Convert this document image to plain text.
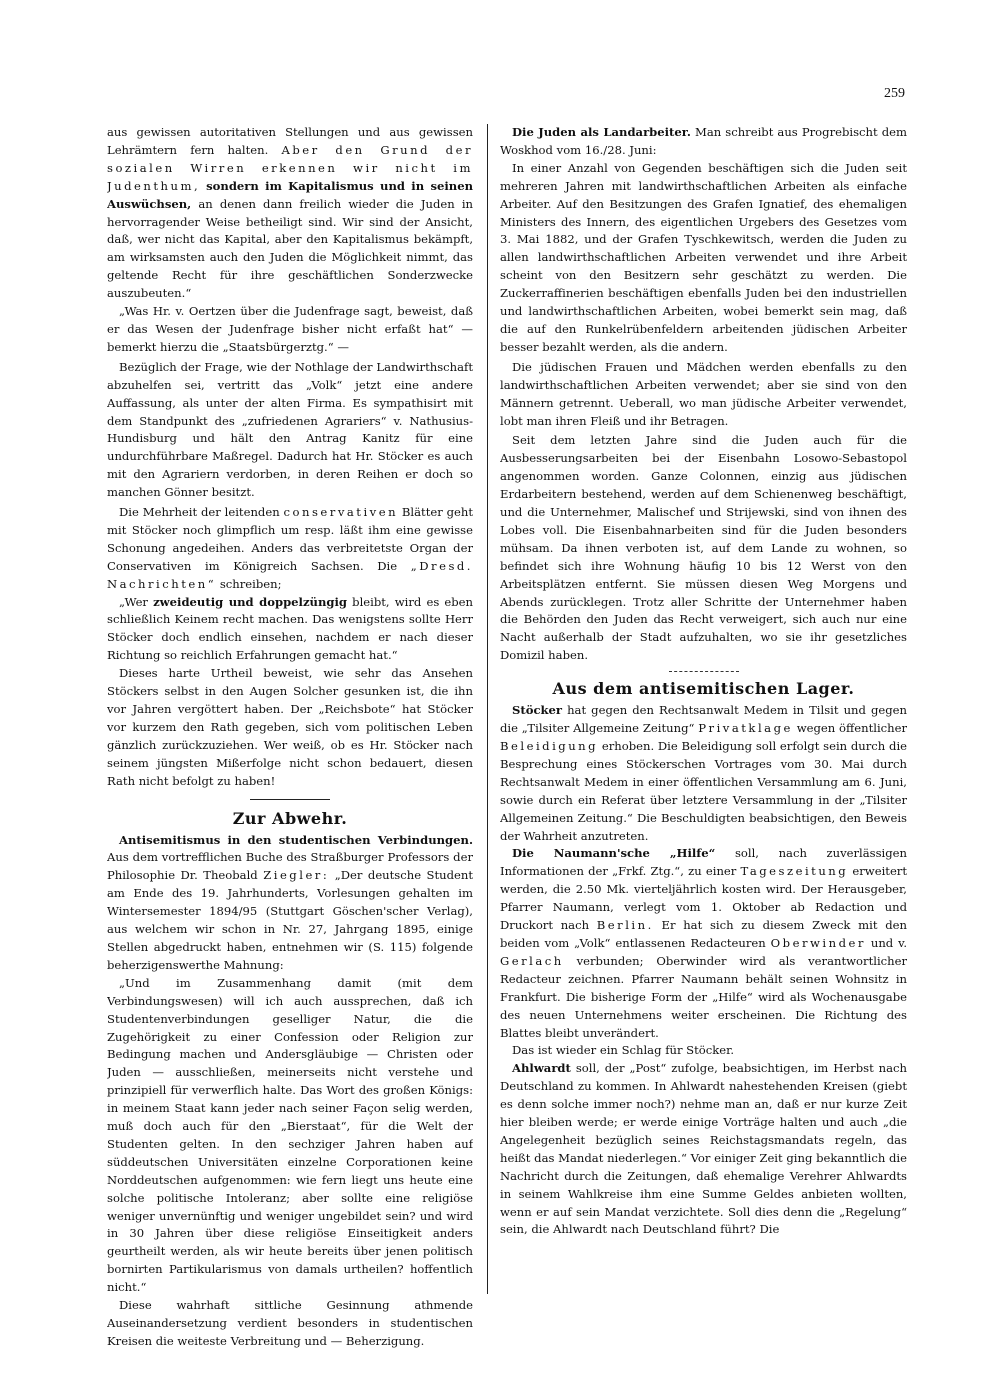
259

aus gewissen autoritativen Stellungen und aus gewissen Lehrämtern fern halten. Aber den Grund der sozialen Wirren erkennen wir nicht im Judenthum, sondern im Kapitalismus und in seinen Auswüchsen, an denen dann freilich wieder die Juden in hervorragender Weise betheiligt sind. Wir sind der Ansicht, daß, wer nicht das Kapital, aber den Kapitalismus bekämpft, am wirksamsten auch den Juden die Möglichkeit nimmt, das geltende Recht für ihre geschäftlichen Sonderzwecke auszubeuten.“

„Was Hr. v. Oertzen über die Judenfrage sagt, beweist, daß er das Wesen der Judenfrage bisher nicht erfaßt hat“ — bemerkt hierzu die „Staatsbürgerztg.“ —

Bezüglich der Frage, wie der Nothlage der Landwirthschaft abzuhelfen sei, vertritt das „Volk“ jetzt eine andere Auffassung, als unter der alten Firma. Es sympathisirt mit dem Standpunkt des „zufriedenen Agrariers“ v. Nathusius-Hundisburg und hält den Antrag Kanitz für eine undurchführbare Maßregel. Dadurch hat Hr. Stöcker es auch mit den Agrariern verdorben, in deren Reihen er doch so manchen Gönner besitzt.

Die Mehrheit der leitenden conservativen Blätter geht mit Stöcker noch glimpflich um resp. läßt ihm eine gewisse Schonung angedeihen. Anders das verbreitetste Organ der Conservativen im Königreich Sachsen. Die „Dresd. Nachrichten“ schreiben;

„Wer zweideutig und doppelzüngig bleibt, wird es eben schließlich Keinem recht machen. Das wenigstens sollte Herr Stöcker doch endlich einsehen, nachdem er nach dieser Richtung so reichlich Erfahrungen gemacht hat.“

Dieses harte Urtheil beweist, wie sehr das Ansehen Stöckers selbst in den Augen Solcher gesunken ist, die ihn vor Jahren vergöttert haben. Der „Reichsbote“ hat Stöcker vor kurzem den Rath gegeben, sich vom politischen Leben gänzlich zurückzuziehen. Wer weiß, ob es Hr. Stöcker nach seinem jüngsten Mißerfolge nicht schon bedauert, diesen Rath nicht befolgt zu haben!

Zur Abwehr.

Antisemitismus in den studentischen Verbindungen. Aus dem vortrefflichen Buche des Straßburger Professors der Philosophie Dr. Theobald Ziegler: „Der deutsche Student am Ende des 19. Jahrhunderts, Vorlesungen gehalten im Wintersemester 1894/95 (Stuttgart Göschen'scher Verlag), aus welchem wir schon in Nr. 27, Jahrgang 1895, einige Stellen abgedruckt haben, entnehmen wir (S. 115) folgende beherzigenswerthe Mahnung:

„Und im Zusammenhang damit (mit dem Verbindungswesen) will ich auch aussprechen, daß ich Studentenverbindungen geselliger Natur, die die Zugehörigkeit zu einer Confession oder Religion zur Bedingung machen und Andersgläubige — Christen oder Juden — ausschließen, meinerseits nicht verstehe und prinzipiell für verwerflich halte. Das Wort des großen Königs: in meinem Staat kann jeder nach seiner Façon selig werden, muß doch auch für den „Bierstaat“, für die Welt der Studenten gelten. In den sechziger Jahren haben auf süddeutschen Universitäten einzelne Corporationen keine Norddeutschen aufgenommen: wie fern liegt uns heute eine solche politische Intoleranz; aber sollte eine religiöse weniger unvernünftig und weniger ungebildet sein? und wird in 30 Jahren über diese religiöse Einseitigkeit anders geurtheilt werden, als wir heute bereits über jenen politisch bornirten Partikularismus von damals urtheilen? hoffentlich nicht.“

Diese wahrhaft sittliche Gesinnung athmende Auseinandersetzung verdient besonders in studentischen Kreisen die weiteste Verbreitung und — Beherzigung.

Die Juden als Landarbeiter. Man schreibt aus Progrebischt dem Woskhod vom 16./28. Juni:

In einer Anzahl von Gegenden beschäftigen sich die Juden seit mehreren Jahren mit landwirthschaftlichen Arbeiten als einfache Arbeiter. Auf den Besitzungen des Grafen Ignatief, des ehemaligen Ministers des Innern, des eigentlichen Urgebers des Gesetzes vom 3. Mai 1882, und der Grafen Tyschkewitsch, werden die Juden zu allen landwirthschaftlichen Arbeiten verwendet und ihre Arbeit scheint von den Besitzern sehr geschätzt zu werden. Die Zuckerraffinerien beschäftigen ebenfalls Juden bei den industriellen und landwirthschaftlichen Arbeiten, wobei bemerkt sein mag, daß die auf den Runkelrübenfeldern arbeitenden jüdischen Arbeiter besser bezahlt werden, als die andern.

Die jüdischen Frauen und Mädchen werden ebenfalls zu den landwirthschaftlichen Arbeiten verwendet; aber sie sind von den Männern getrennt. Ueberall, wo man jüdische Arbeiter verwendet, lobt man ihren Fleiß und ihr Betragen.

Seit dem letzten Jahre sind die Juden auch für die Ausbesserungsarbeiten bei der Eisenbahn Losowo-Sebastopol angenommen worden. Ganze Colonnen, einzig aus jüdischen Erdarbeitern bestehend, werden auf dem Schienenweg beschäftigt, und die Unternehmer, Malischef und Strijewski, sind von ihnen des Lobes voll. Die Eisenbahnarbeiten sind für die Juden besonders mühsam. Da ihnen verboten ist, auf dem Lande zu wohnen, so befindet sich ihre Wohnung häufig 10 bis 12 Werst von den Arbeitsplätzen entfernt. Sie müssen diesen Weg Morgens und Abends zurücklegen. Trotz aller Schritte der Unternehmer haben die Behörden den Juden das Recht verweigert, sich auch nur eine Nacht außerhalb der Stadt aufzuhalten, wo sie ihr gesetzliches Domizil haben.

Aus dem antisemitischen Lager.

Stöcker hat gegen den Rechtsanwalt Medem in Tilsit und gegen die „Tilsiter Allgemeine Zeitung“ Privatklage wegen öffentlicher Beleidigung erhoben. Die Beleidigung soll erfolgt sein durch die Besprechung eines Stöckerschen Vortrages vom 30. Mai durch Rechtsanwalt Medem in einer öffentlichen Versammlung am 6. Juni, sowie durch ein Referat über letztere Versammlung in der „Tilsiter Allgemeinen Zeitung.“ Die Beschuldigten beabsichtigen, den Beweis der Wahrheit anzutreten.

Die Naumann'sche „Hilfe“ soll, nach zuverlässigen Informationen der „Frkf. Ztg.“, zu einer Tageszeitung erweitert werden, die 2.50 Mk. vierteljährlich kosten wird. Der Herausgeber, Pfarrer Naumann, verlegt vom 1. Oktober ab Redaction und Druckort nach Berlin. Er hat sich zu diesem Zweck mit den beiden vom „Volk“ entlassenen Redacteuren Oberwinder und v. Gerlach verbunden; Oberwinder wird als verantwortlicher Redacteur zeichnen. Pfarrer Naumann behält seinen Wohnsitz in Frankfurt. Die bisherige Form der „Hilfe“ wird als Wochenausgabe des neuen Unternehmens weiter erscheinen. Die Richtung des Blattes bleibt unverändert.

Das ist wieder ein Schlag für Stöcker.

Ahlwardt soll, der „Post“ zufolge, beabsichtigen, im Herbst nach Deutschland zu kommen. In Ahlwardt nahestehenden Kreisen (giebt es denn solche immer noch?) nehme man an, daß er nur kurze Zeit hier bleiben werde; er werde einige Vorträge halten und auch „die Angelegenheit bezüglich seines Reichstagsmandats regeln, das heißt das Mandat niederlegen.“ Vor einiger Zeit ging bekanntlich die Nachricht durch die Zeitungen, daß ehemalige Verehrer Ahlwardts in seinem Wahlkreise ihm eine Summe Geldes anbieten wollten, wenn er auf sein Mandat verzichtete. Soll dies denn die „Regelung“ sein, die Ahlwardt nach Deutschland führt? Die
